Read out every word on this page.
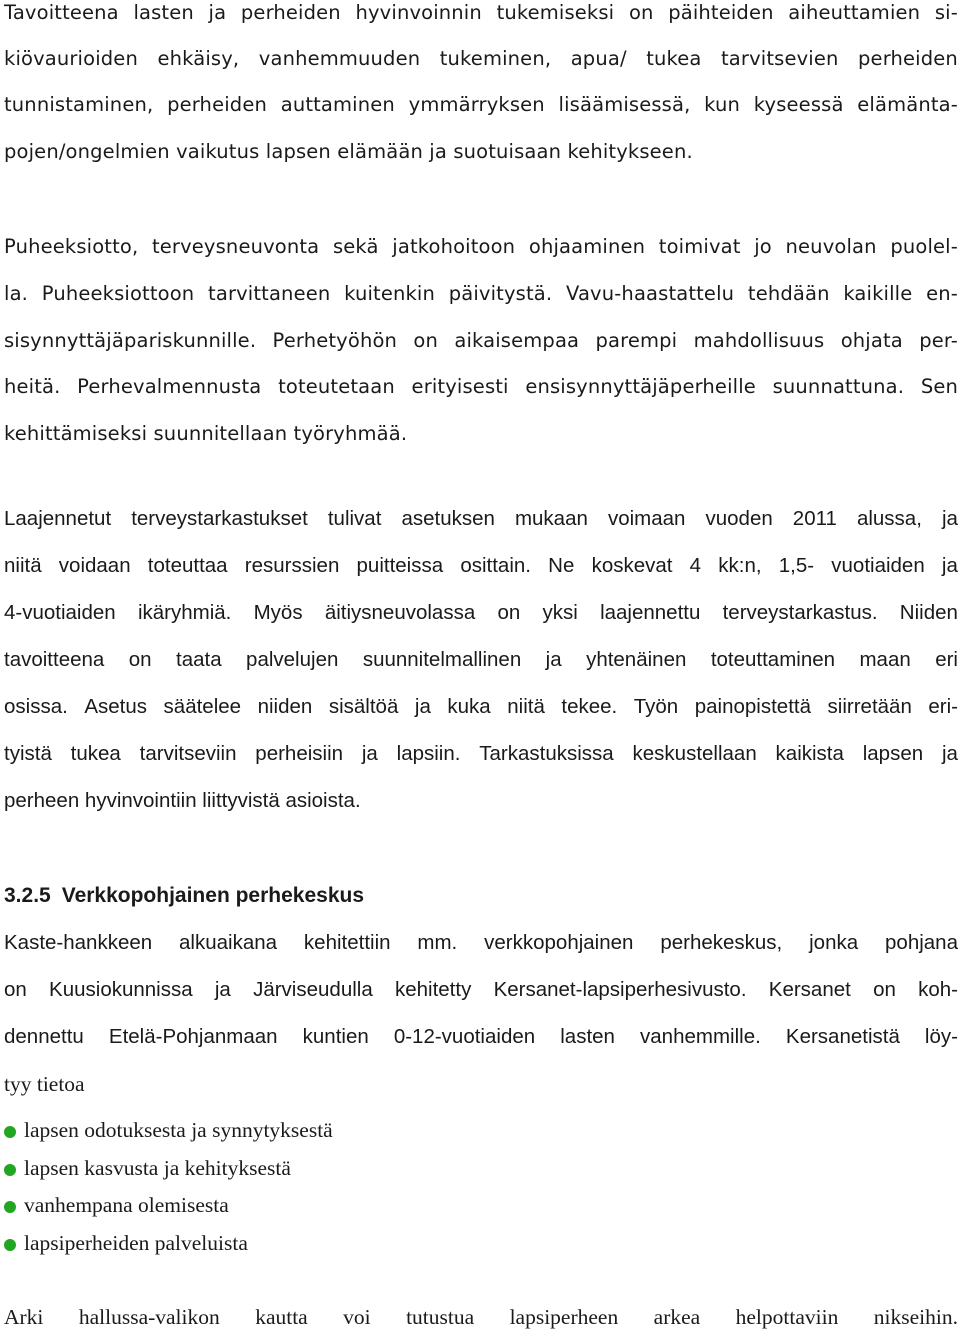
Tavoitteena lasten ja perheiden hyvinvoinnin tukemiseksi on päihteiden aiheuttamien si-
kiövaurioiden ehkäisy, vanhemmuuden tukeminen, apua/ tukea tarvitsevien perheiden
tunnistaminen, perheiden auttaminen ymmärryksen lisäämisessä, kun kyseessä elämänta-
pojen/ongelmien vaikutus lapsen elämään ja suotuisaan kehitykseen.
Puheeksiotto, terveysneuvonta sekä jatkohoitoon ohjaaminen toimivat jo neuvolan puolel-
la. Puheeksiottoon tarvittaneen kuitenkin päivitystä. Vavu-haastattelu tehdään kaikille en-
sisynnyttäjäpariskunnille. Perhetyöhön on aikaisempaa parempi mahdollisuus ohjata per-
heitä. Perhevalmennusta toteutetaan erityisesti ensisynnyttäjäperheille suunnattuna. Sen
kehittämiseksi suunnitellaan työryhmää.
Laajennetut terveystarkastukset tulivat asetuksen mukaan voimaan vuoden 2011 alussa, ja
niitä voidaan toteuttaa resurssien puitteissa osittain. Ne koskevat 4 kk:n, 1,5- vuotiaiden ja
4-vuotiaiden ikäryhmiä. Myös äitiysneuvolassa on yksi laajennettu terveystarkastus. Niiden
tavoitteena on taata palvelujen suunnitelmallinen ja yhtenäinen toteuttaminen maan eri
osissa. Asetus säätelee niiden sisältöä ja kuka niitä tekee. Työn painopistettä siirretään eri-
tyistä tukea tarvitseviin perheisiin ja lapsiin. Tarkastuksissa keskustellaan kaikista lapsen ja
perheen hyvinvointiin liittyvistä asioista.
3.2.5 Verkkopohjainen perhekeskus
Kaste-hankkeen alkuaikana kehitettiin mm. verkkopohjainen perhekeskus, jonka pohjana
on Kuusiokunnissa ja Järviseudulla kehitetty Kersanet-lapsiperhesivusto. Kersanet on koh-
dennettu Etelä-Pohjanmaan kuntien 0-12-vuotiaiden lasten vanhemmille. Kersanetistä löy-
tyy tietoa
lapsen odotuksesta ja synnytyksestä
lapsen kasvusta ja kehityksestä
vanhempana olemisesta
lapsiperheiden palveluista
Arki hallussa-valikon kautta voi tutustua lapsiperheen arkea helpottaviin nikseihin.
